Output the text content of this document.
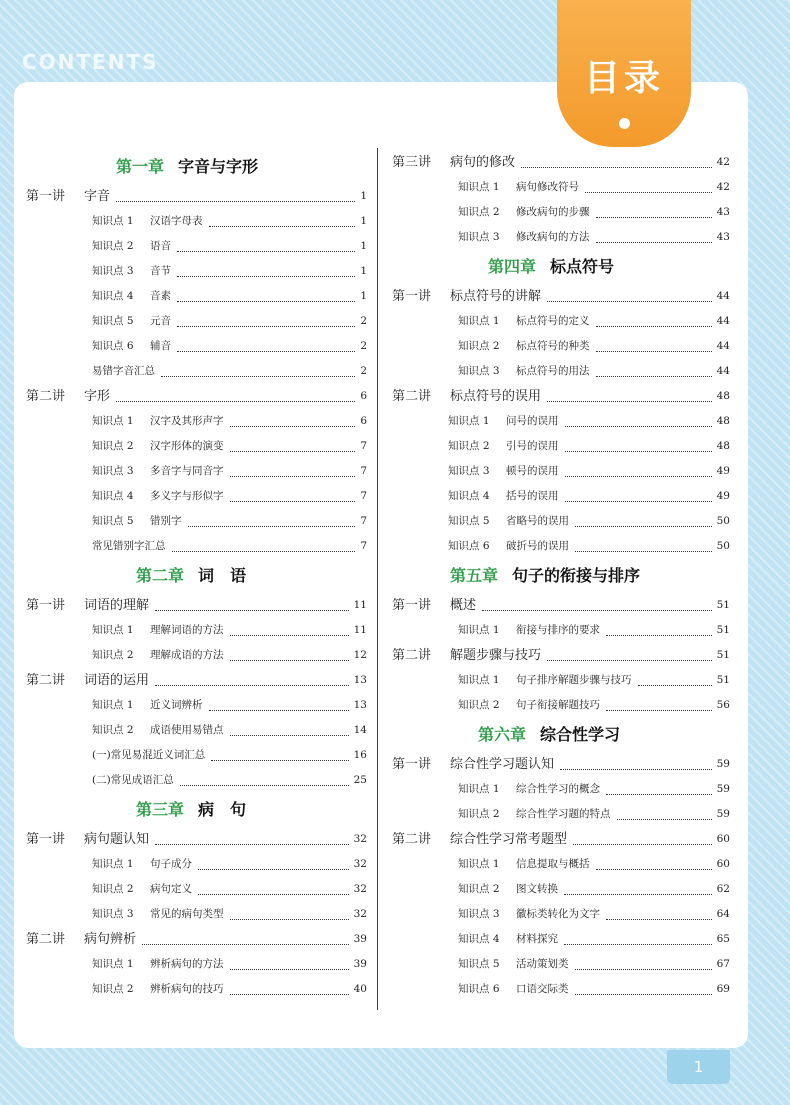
CONTENTS	目录
第一章 字音与字形
第一讲 字音	1
知识点 1 汉语字母表	1
知识点 2 语音	1
知识点 3 音节	1
知识点 4 音素	1
知识点 5 元音	2
知识点 6 辅音	2
易错字音汇总	2
第二讲 字形	6
知识点 1 汉字及其形声字	6
知识点 2 汉字形体的演变	7
知识点 3 多音字与同音字	7
知识点 4 多义字与形似字	7
知识点 5 错别字	7
常见错别字汇总	7
第二章 词　语
第一讲 词语的理解	11
知识点 1 理解词语的方法	11
知识点 2 理解成语的方法	12
第二讲 词语的运用	13
知识点 1 近义词辨析	13
知识点 2 成语使用易错点	14
(一)常见易混近义词汇总	16
(二)常见成语汇总	25
第三章 病　句
第一讲 病句题认知	32
知识点 1 句子成分	32
知识点 2 病句定义	32
知识点 3 常见的病句类型	32
第二讲 病句辨析	39
知识点 1 辨析病句的方法	39
知识点 2 辨析病句的技巧	40
第三讲 病句的修改	42
知识点 1 病句修改符号	42
知识点 2 修改病句的步骤	43
知识点 3 修改病句的方法	43
第四章 标点符号
第一讲 标点符号的讲解	44
知识点 1 标点符号的定义	44
知识点 2 标点符号的种类	44
知识点 3 标点符号的用法	44
第二讲 标点符号的误用	48
知识点 1 问号的误用	48
知识点 2 引号的误用	48
知识点 3 顿号的误用	49
知识点 4 括号的误用	49
知识点 5 省略号的误用	50
知识点 6 破折号的误用	50
第五章 句子的衔接与排序
第一讲 概述	51
知识点 1 衔接与排序的要求	51
第二讲 解题步骤与技巧	51
知识点 1 句子排序解题步骤与技巧	51
知识点 2 句子衔接解题技巧	56
第六章 综合性学习
第一讲 综合性学习题认知	59
知识点 1 综合性学习的概念	59
知识点 2 综合性学习题的特点	59
第二讲 综合性学习常考题型	60
知识点 1 信息提取与概括	60
知识点 2 图文转换	62
知识点 3 徽标类转化为文字	64
知识点 4 材料探究	65
知识点 5 活动策划类	67
知识点 6 口语交际类	69
1
